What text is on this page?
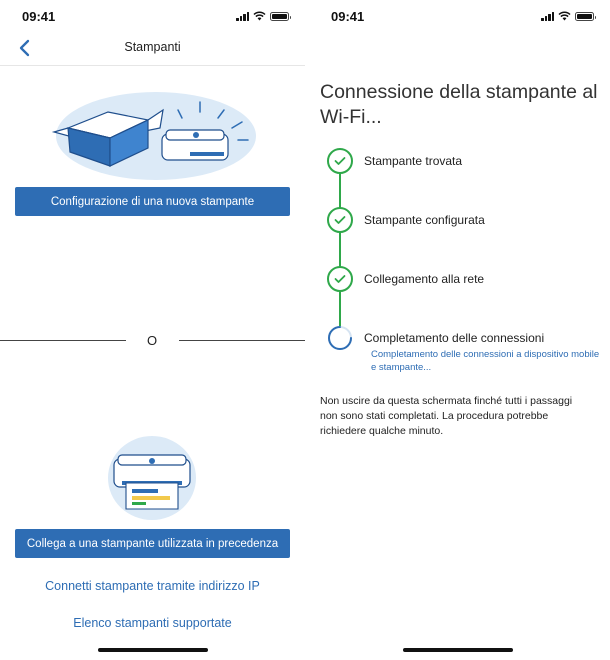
09:41
Stampanti
Configurazione di una nuova stampante
O
Collega a una stampante utilizzata in precedenza
Connetti stampante tramite indirizzo IP
Elenco stampanti supportate
09:41
Connessione della stampante al Wi-Fi...
Stampante trovata
Stampante configurata
Collegamento alla rete
Completamento delle connessioni
Completamento delle connessioni a dispositivo mobile e stampante...
Non uscire da questa schermata finché tutti i passaggi non sono stati completati. La procedura potrebbe richiedere qualche minuto.
